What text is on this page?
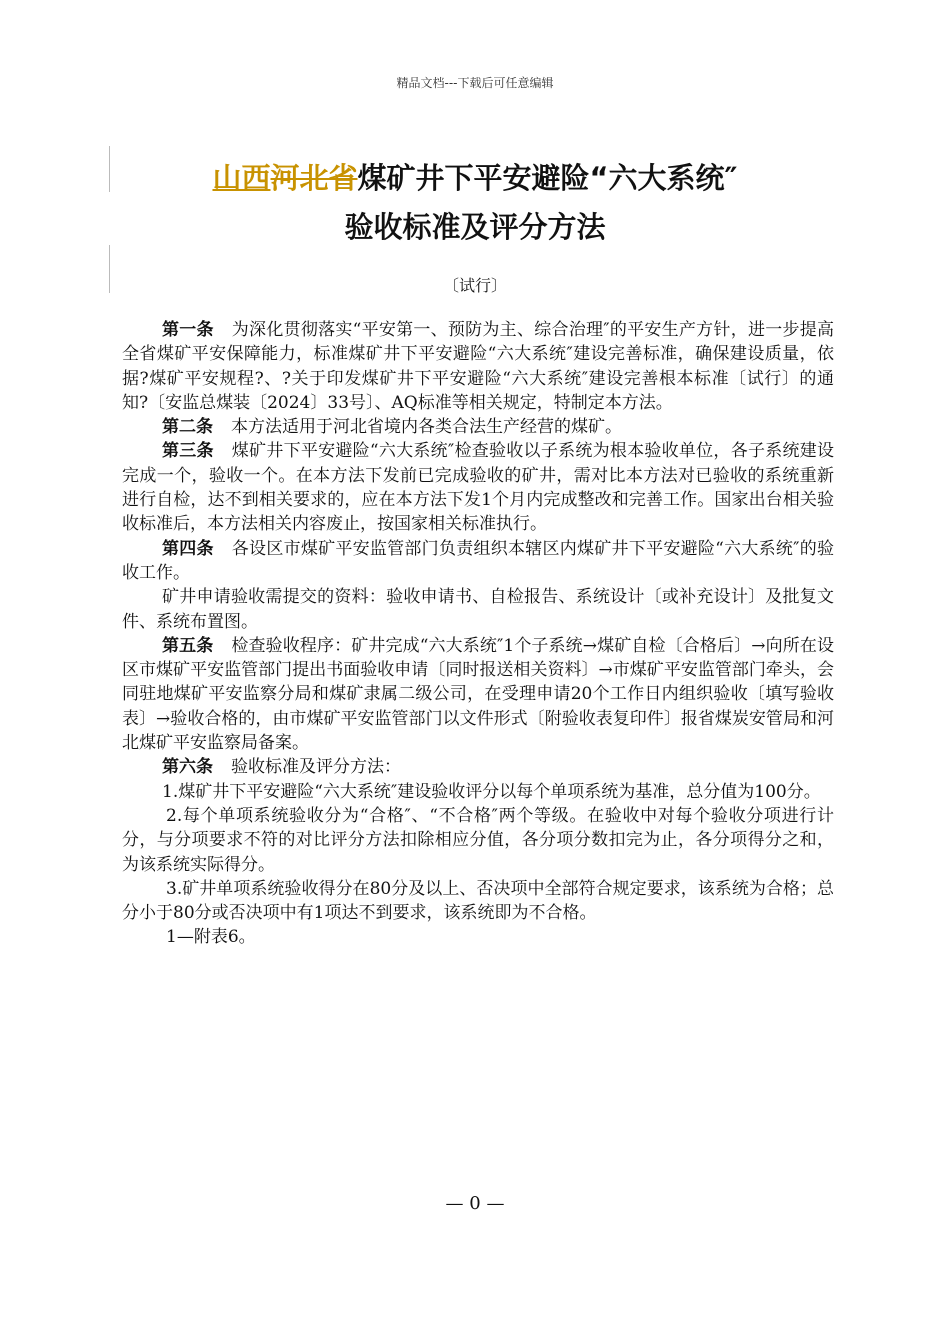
精品文档---下载后可任意编辑
山西河北省煤矿井下平安避险“六大系统″
验收标准及评分方法
〔试行〕

第一条 为深化贯彻落实“平安第一、预防为主、综合治理″的平安生产方针，进一步提高全省煤矿平安保障能力，标准煤矿井下平安避险“六大系统″建设完善标准，确保建设质量，依据?煤矿平安规程?、?关于印发煤矿井下平安避险“六大系统″建设完善根本标准〔试行〕的通知?〔安监总煤装〔2024〕33号〕、AQ标准等相关规定，特制定本方法。

第二条 本方法适用于河北省境内各类合法生产经营的煤矿。

第三条 煤矿井下平安避险“六大系统″检查验收以子系统为根本验收单位，各子系统建设完成一个，验收一个。在本方法下发前已完成验收的矿井，需对比本方法对已验收的系统重新进行自检，达不到相关要求的，应在本方法下发1个月内完成整改和完善工作。国家出台相关验收标准后，本方法相关内容废止，按国家相关标准执行。

第四条 各设区市煤矿平安监管部门负责组织本辖区内煤矿井下平安避险“六大系统″的验收工作。

矿井申请验收需提交的资料：验收申请书、自检报告、系统设计〔或补充设计〕及批复文件、系统布置图。

第五条 检查验收程序：矿井完成“六大系统″1个子系统→煤矿自检〔合格后〕→向所在设区市煤矿平安监管部门提出书面验收申请〔同时报送相关资料〕→市煤矿平安监管部门牵头，会同驻地煤矿平安监察分局和煤矿隶属二级公司，在受理申请20个工作日内组织验收〔填写验收表〕→验收合格的，由市煤矿平安监管部门以文件形式〔附验收表复印件〕报省煤炭安管局和河北煤矿平安监察局备案。

第六条 验收标准及评分方法：

1.煤矿井下平安避险“六大系统″建设验收评分以每个单项系统为基准，总分值为100分。

2.每个单项系统验收分为“合格″、“不合格″两个等级。在验收中对每个验收分项进行计分，与分项要求不符的对比评分方法扣除相应分值，各分项分数扣完为止，各分项得分之和，为该系统实际得分。

3.矿井单项系统验收得分在80分及以上、否决项中全部符合规定要求，该系统为合格；总分小于80分或否决项中有1项达不到要求，该系统即为不合格。

1—附表6。

— 0 —
